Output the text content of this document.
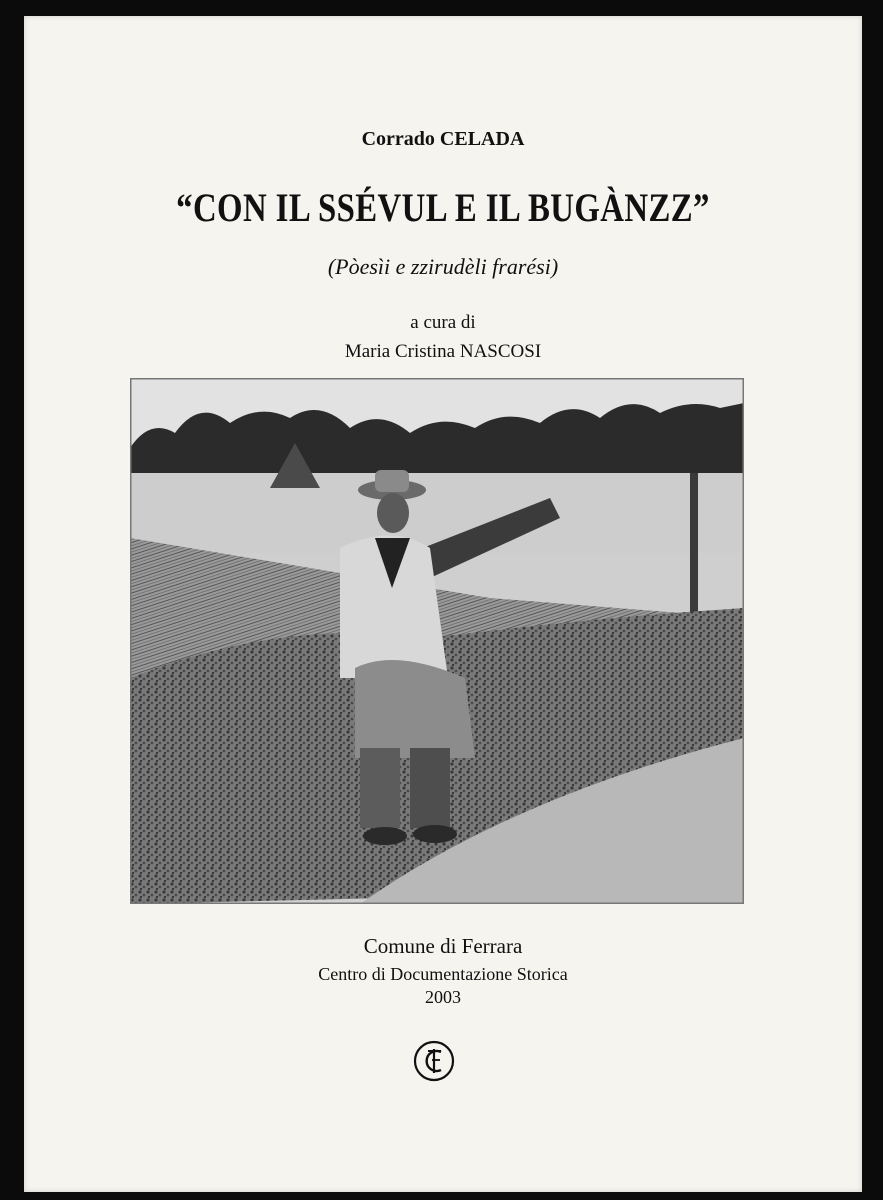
Corrado CELADA

“CON IL SSÉVUL E IL BUGÀNZZ”

(Pòesìi e zzirudèli frarési)

a cura di

Maria Cristina NASCOSI

Comune di Ferrara

Centro di Documentazione Storica

2003
